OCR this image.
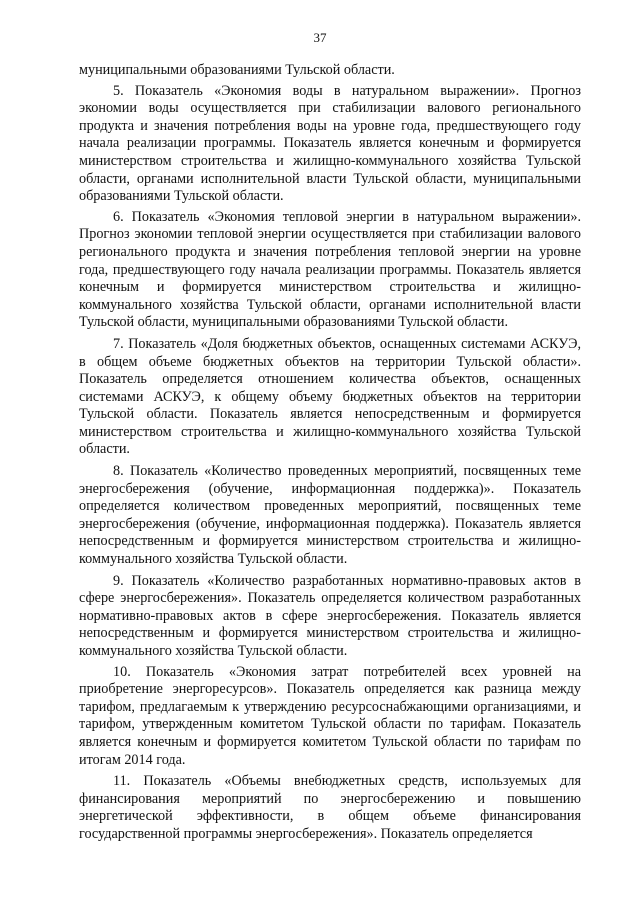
37

муниципальными образованиями Тульской области.

5. Показатель «Экономия воды в натуральном выражении». Прогноз экономии воды осуществляется при стабилизации валового регионального продукта и значения потребления воды на уровне года, предшествующего году начала реализации программы. Показатель является конечным и формируется министерством строительства и жилищно-коммунального хозяйства Тульской области, органами исполнительной власти Тульской области, муниципальными образованиями Тульской области.

6. Показатель «Экономия тепловой энергии в натуральном выражении». Прогноз экономии тепловой энергии осуществляется при стабилизации валового регионального продукта и значения потребления тепловой энергии на уровне года, предшествующего году начала реализации программы. Показатель является конечным и формируется министерством строительства и жилищно-коммунального хозяйства Тульской области, органами исполнительной власти Тульской области, муниципальными образованиями Тульской области.

7. Показатель «Доля бюджетных объектов, оснащенных системами АСКУЭ, в общем объеме бюджетных объектов на территории Тульской области». Показатель определяется отношением количества объектов, оснащенных системами АСКУЭ, к общему объему бюджетных объектов на территории Тульской области. Показатель является непосредственным и формируется министерством строительства и жилищно-коммунального хозяйства Тульской области.

8. Показатель «Количество проведенных мероприятий, посвященных теме энергосбережения (обучение, информационная поддержка)». Показатель определяется количеством проведенных мероприятий, посвященных теме энергосбережения (обучение, информационная поддержка). Показатель является непосредственным и формируется министерством строительства и жилищно-коммунального хозяйства Тульской области.

9. Показатель «Количество разработанных нормативно-правовых актов в сфере энергосбережения». Показатель определяется количеством разработанных нормативно-правовых актов в сфере энергосбережения. Показатель является непосредственным и формируется министерством строительства и жилищно-коммунального хозяйства Тульской области.

10. Показатель «Экономия затрат потребителей всех уровней на приобретение энергоресурсов». Показатель определяется как разница между тарифом, предлагаемым к утверждению ресурсоснабжающими организациями, и тарифом, утвержденным комитетом Тульской области по тарифам. Показатель является конечным и формируется комитетом Тульской области по тарифам по итогам 2014 года.

11. Показатель «Объемы внебюджетных средств, используемых для финансирования мероприятий по энергосбережению и повышению энергетической эффективности, в общем объеме финансирования государственной программы энергосбережения». Показатель определяется
